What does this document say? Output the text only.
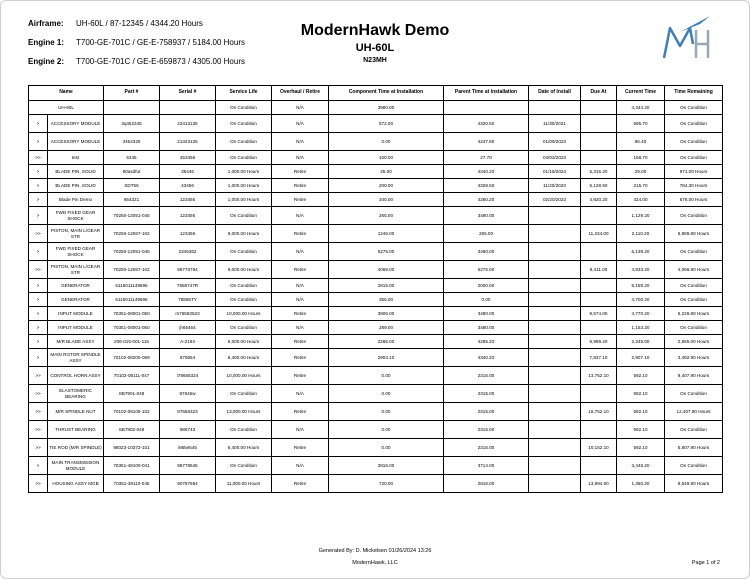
Airframe:	UH-60L / 87-12345 / 4344.20 Hours
Engine 1:	T700-GE-701C / GE-E-758937 / 5184.00 Hours
Engine 2:	T700-GE-701C / GE-E-659873 / 4305.00 Hours
ModernHawk Demo
UH-60L
N23MH
Name		Part #	Serial #	Service Life	Overhaul / Retire	Component Time at Installation	Parent Time at Installation	Date of Install	Due At	Current Time	Time Remaining
UH-60L				On Condition	N/A	3980.00				4,344.20	On Condition
>	ACCESSORY MODULE	3q452345	23413135	On Condition	N/A	572.00	4320.50	11/30/2021		595.70	On Condition
>	ACCESSORY MODULE	3454325	21343125	On Condition	N/A	0.00	4247.80	01/09/2023		96.40	On Condition
>>	test	5345	453456	On Condition	N/A	100.00	27.70	04/03/2023		168.70	On Condition
>	BLADE PIN, SOLID	50asdfut	35446	1,000.00 Hours	Retire	25.00	4340.20	01/18/2024	5,315.20	29.00	971.00 Hours
>	BLADE PIN, SOLID	SDT56	43456	1,000.00 Hours	Retire	200.00	4328.50	11/20/2023	5,128.50	215.70	784.30 Hours
>	Blade Pin Demo	654321	123456	1,000.00 Hours	Retire	340.00	4260.20	02/20/2023	4,920.20	424.00	576.00 Hours
>	FWD FIXED GEAR SHOCK	70250-12051-045	123456	On Condition	N/A	265.00	3480.00			1,129.20	On Condition
>>	PISTON, MAIN L/GEAR STR	70250-12067-102	123456	9,000.00 Hours	Retire	1246.00	265.00		11,234.00	2,110.20	6,889.80 Hours
>	FWD FIXED GEAR SHOCK	70250-12051-045	2346362	On Condition	N/A	5275.00	3480.00			6,139.20	On Condition
>>	PISTON, MAIN L/GEAR STR	70250-12067-102	98776764	9,000.00 Hours	Retire	4069.00	5275.00		8,411.00	4,933.20	4,066.80 Hours
>	GENERATOR	6115011149696	7658747R	On Condition	N/A	2815.00	2000.00			5,159.20	On Condition
>	GENERATOR	6115011149696	78865TY	On Condition	N/A	356.00	0.00			4,700.20	On Condition
>	INPUT MODULE	70351-08001-050	rs76583523	10,000.00 Hours	Retire	3906.00	3480.00		9,574.00	4,770.20	5,229.80 Hours
>	INPUT MODULE	70351-08001-050	jh65464	On Condition	N/A	289.00	3480.00			1,153.20	On Condition
>	M/R BLADE ASSY	206-015-001-115	A-2194	5,000.00 Hours	Retire	2266.00	4265.20		6,999.20	2,345.00	2,655.00 Hours
>	MAIN ROTOR SPINDLE ASSY	70102-08200-069	876654	6,400.00 Hours	Retire	2903.10	4340.20		7,837.10	2,907.10	3,492.90 Hours
>>	CONTROL HORN ASSY	70102-08111-047	i78665324	10,000.00 Hours	Retire	0.00	2315.00		13,752.10	592.10	9,407.90 Hours
>>	ELASTOMERIC BEARING	SB7901-048	87646w	On Condition	N/A	0.00	2315.00			592.10	On Condition
>>	M/R SPINDLE NUT	70102-08105-102	87556323	13,000.00 Hours	Retire	0.00	2315.00		16,752.10	592.10	12,407.90 Hours
>>	THRUST BEARING	SB7902-048	986743	On Condition	N/A	0.00	2315.00			592.10	On Condition
>>	TIE ROD (M/R SPINDLE)	98023-10372-101	i865e545	6,400.00 Hours	Retire	0.00	2315.00		10,152.10	592.10	5,807.90 Hours
>	MAIN TRANSMISSION MODULE	70351-48100-041	98778545	On Condition	N/A	2816.00	3714.00			3,446.20	On Condition
>>	HOUSING ASSY MGB	70351-38110-045	90787654	11,000.00 Hours	Retire	720.00	2816.00		13,994.00	1,350.20	9,649.80 Hours
Generated By: D. Mickelsen 01/26/2024 13:26
ModernHawk, LLC	Page 1 of 2
